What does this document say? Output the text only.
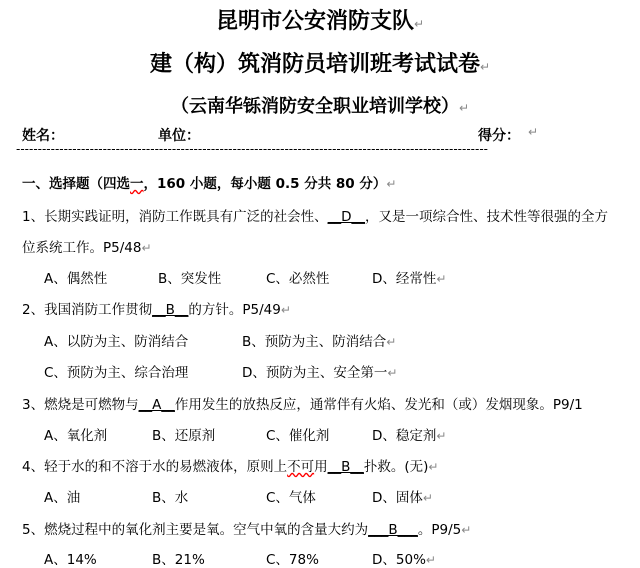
昆明市公安消防支队↵
建（构）筑消防员培训班考试试卷↵
（云南华铄消防安全职业培训学校）↵
姓名：	单位：	得分： ↵
-------------------------------------------------------------------------------------------------------------
一、选择题（四选一，160 小题，每小题 0.5 分共 80 分）↵
1、长期实践证明，消防工作既具有广泛的社会性、__D__，又是一项综合性、技术性等很强的全方
位系统工作。P5/48↵
A、偶然性	B、突发性	C、必然性	D、经常性↵
2、我国消防工作贯彻__B__的方针。P5/49↵
A、以防为主、防消结合	B、预防为主、防消结合↵
C、预防为主、综合治理	D、预防为主、安全第一↵
3、燃烧是可燃物与__A__作用发生的放热反应，通常伴有火焰、发光和（或）发烟现象。P9/1
A、氧化剂	B、还原剂	C、催化剂	D、稳定剂↵
4、轻于水的和不溶于水的易燃液体，原则上不可用__B__扑救。(无)↵
A、油	B、水	C、气体	D、固体↵
5、燃烧过程中的氧化剂主要是氧。空气中氧的含量大约为___B___。P9/5↵
A、14%	B、21%	C、78%	D、50%↵
